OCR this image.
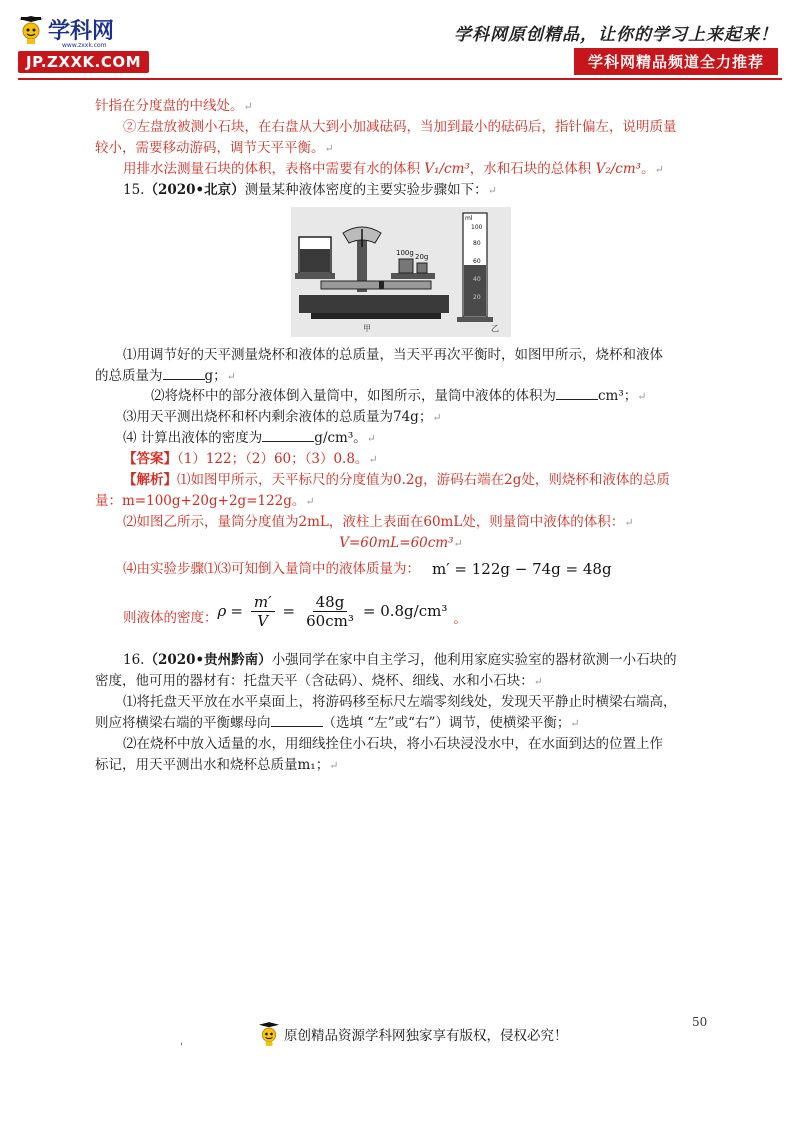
学科网
www.zxxk.com
JP.ZXXK.COM
学科网原创精品，让你的学习上来起来！
学科网精品频道全力推荐

针指在分度盘的中线处。↵

②左盘放被测小石块，在右盘从大到小加减砝码，当加到最小的砝码后，指针偏左，说明质量

较小，需要移动游码，调节天平平衡。↵

用排水法测量石块的体积，表格中需要有水的体积 V₁/cm³，水和石块的总体积 V₂/cm³。↵

15.（2020•北京）测量某种液体密度的主要实验步骤如下：↵

100g 20g
甲
ml
100
80
60
40
20
乙

⑴用调节好的天平测量烧杯和液体的总质量，当天平再次平衡时，如图甲所示，烧杯和液体

的总质量为	g；↵

⑵将烧杯中的部分液体倒入量筒中，如图所示，量筒中液体的体积为	cm³；↵

⑶用天平测出烧杯和杯内剩余液体的总质量为74g；↵

⑷ 计算出液体的密度为	g/cm³。↵

【答案】（1）122；（2）60；（3）0.8。↵

【解析】⑴如图甲所示，天平标尺的分度值为0.2g，游码右端在2g处，则烧杯和液体的总质

量：m=100g+20g+2g=122g。↵

⑵如图乙所示，量筒分度值为2mL，液柱上表面在60mL处，则量筒中液体的体积：↵

V=60mL=60cm³↵

⑷由实验步骤⑴⑶可知倒入量筒中的液体质量为： m′ = 122g − 74g = 48g
则液体的密度： $\rho = \frac{m'}{V} = \frac{48g}{\text{60cm³}} = 0.8g/cm^3$ 。

16.（2020•贵州黔南）小强同学在家中自主学习，他利用家庭实验室的器材欲测一小石块的

密度，他可用的器材有：托盘天平（含砝码）、烧杯、细线、水和小石块：↵

⑴将托盘天平放在水平桌面上，将游码移至标尺左端零刻线处，发现天平静止时横梁右端高，

则应将横梁右端的平衡螺母向	（选填 “左”或“右”）调节，使横梁平衡；↵

⑵在烧杯中放入适量的水，用细线拴住小石块，将小石块浸没水中，在水面到达的位置上作

标记，用天平测出水和烧杯总质量m₁；↵

50
'
原创精品资源学科网独家享有版权，侵权必究！
